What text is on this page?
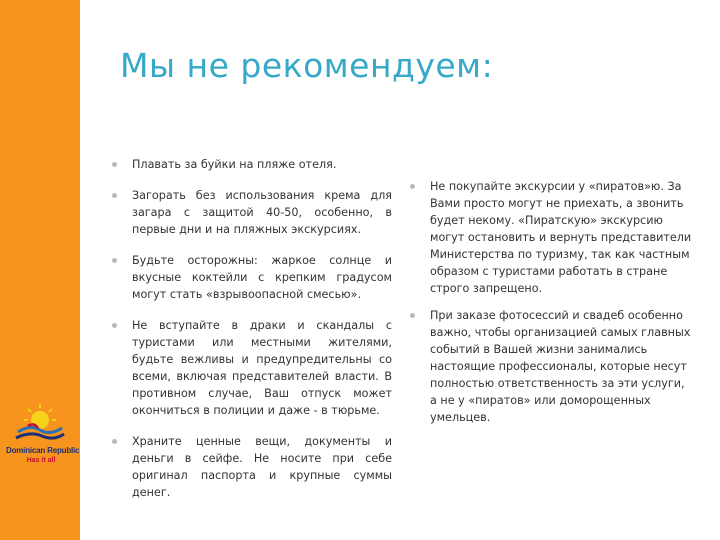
Dominican Republic
Has it all
Мы не рекомендуем:
Плавать за буйки на пляже отеля.
Загорать без использования крема для загара с защитой 40-50, особенно, в первые дни и на пляжных экскурсиях.
Будьте осторожны: жаркое солнце и вкусные коктейли с крепким градусом могут стать «взрывоопасной смесью».
Не вступайте в драки и скандалы с туристами или местными жителями, будьте вежливы и предупредительны со всеми, включая представителей власти. В противном случае, Ваш отпуск может окончиться в полиции и даже - в тюрьме.
Храните ценные вещи, документы и деньги в сейфе. Не носите при себе оригинал паспорта и крупные суммы денег.
Не покупайте экскурсии у «пиратов»ю. За Вами просто могут не приехать, а звонить будет некому. «Пиратскую» экскурсию могут остановить и вернуть представители Министерства по туризму, так как частным образом с туристами работать в стране строго запрещено.
При заказе фотосессий и свадеб особенно важно, чтобы организацией самых главных событий в Вашей жизни занимались настоящие профессионалы, которые несут полностью ответственность за эти услуги, а не у «пиратов» или доморощенных умельцев.
